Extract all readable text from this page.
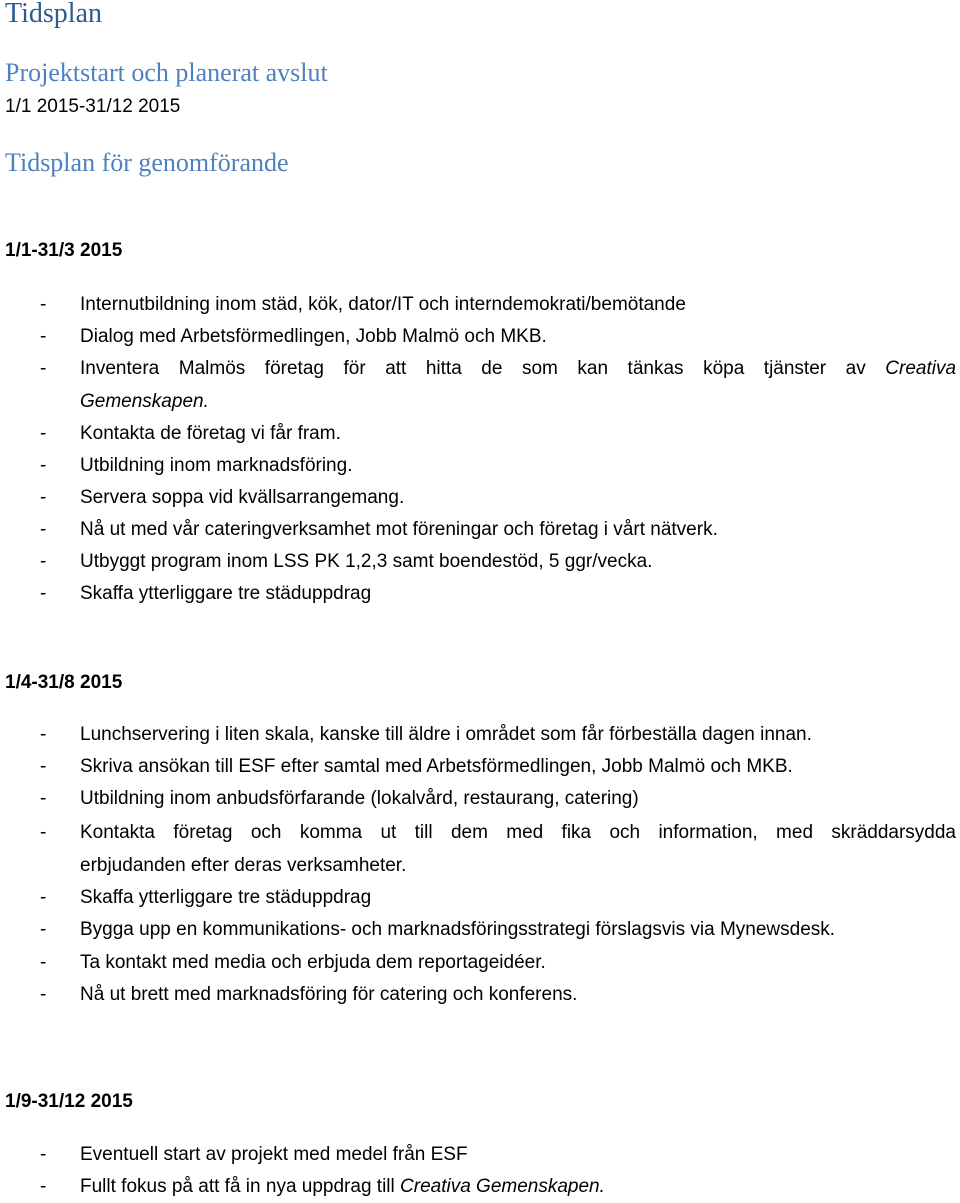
Tidsplan
Projektstart och planerat avslut
1/1 2015-31/12 2015
Tidsplan för genomförande
1/1-31/3 2015
- Internutbildning inom städ, kök, dator/IT och interndemokrati/bemötande
- Dialog med Arbetsförmedlingen, Jobb Malmö och MKB.
- Inventera Malmös företag för att hitta de som kan tänkas köpa tjänster av Creativa
Gemenskapen.
- Kontakta de företag vi får fram.
- Utbildning inom marknadsföring.
- Servera soppa vid kvällsarrangemang.
- Nå ut med vår cateringverksamhet mot föreningar och företag i vårt nätverk.
- Utbyggt program inom LSS PK 1,2,3 samt boendestöd, 5 ggr/vecka.
- Skaffa ytterliggare tre städuppdrag
1/4-31/8 2015
- Lunchservering i liten skala, kanske till äldre i området som får förbeställa dagen innan.
- Skriva ansökan till ESF efter samtal med Arbetsförmedlingen, Jobb Malmö och MKB.
- Utbildning inom anbudsförfarande (lokalvård, restaurang, catering)
- Kontakta företag och komma ut till dem med fika och information, med skräddarsydda
erbjudanden efter deras verksamheter.
- Skaffa ytterliggare tre städuppdrag
- Bygga upp en kommunikations- och marknadsföringsstrategi förslagsvis via Mynewsdesk.
- Ta kontakt med media och erbjuda dem reportageidéer.
- Nå ut brett med marknadsföring för catering och konferens.
1/9-31/12 2015
- Eventuell start av projekt med medel från ESF
- Fullt fokus på att få in nya uppdrag till Creativa Gemenskapen.
